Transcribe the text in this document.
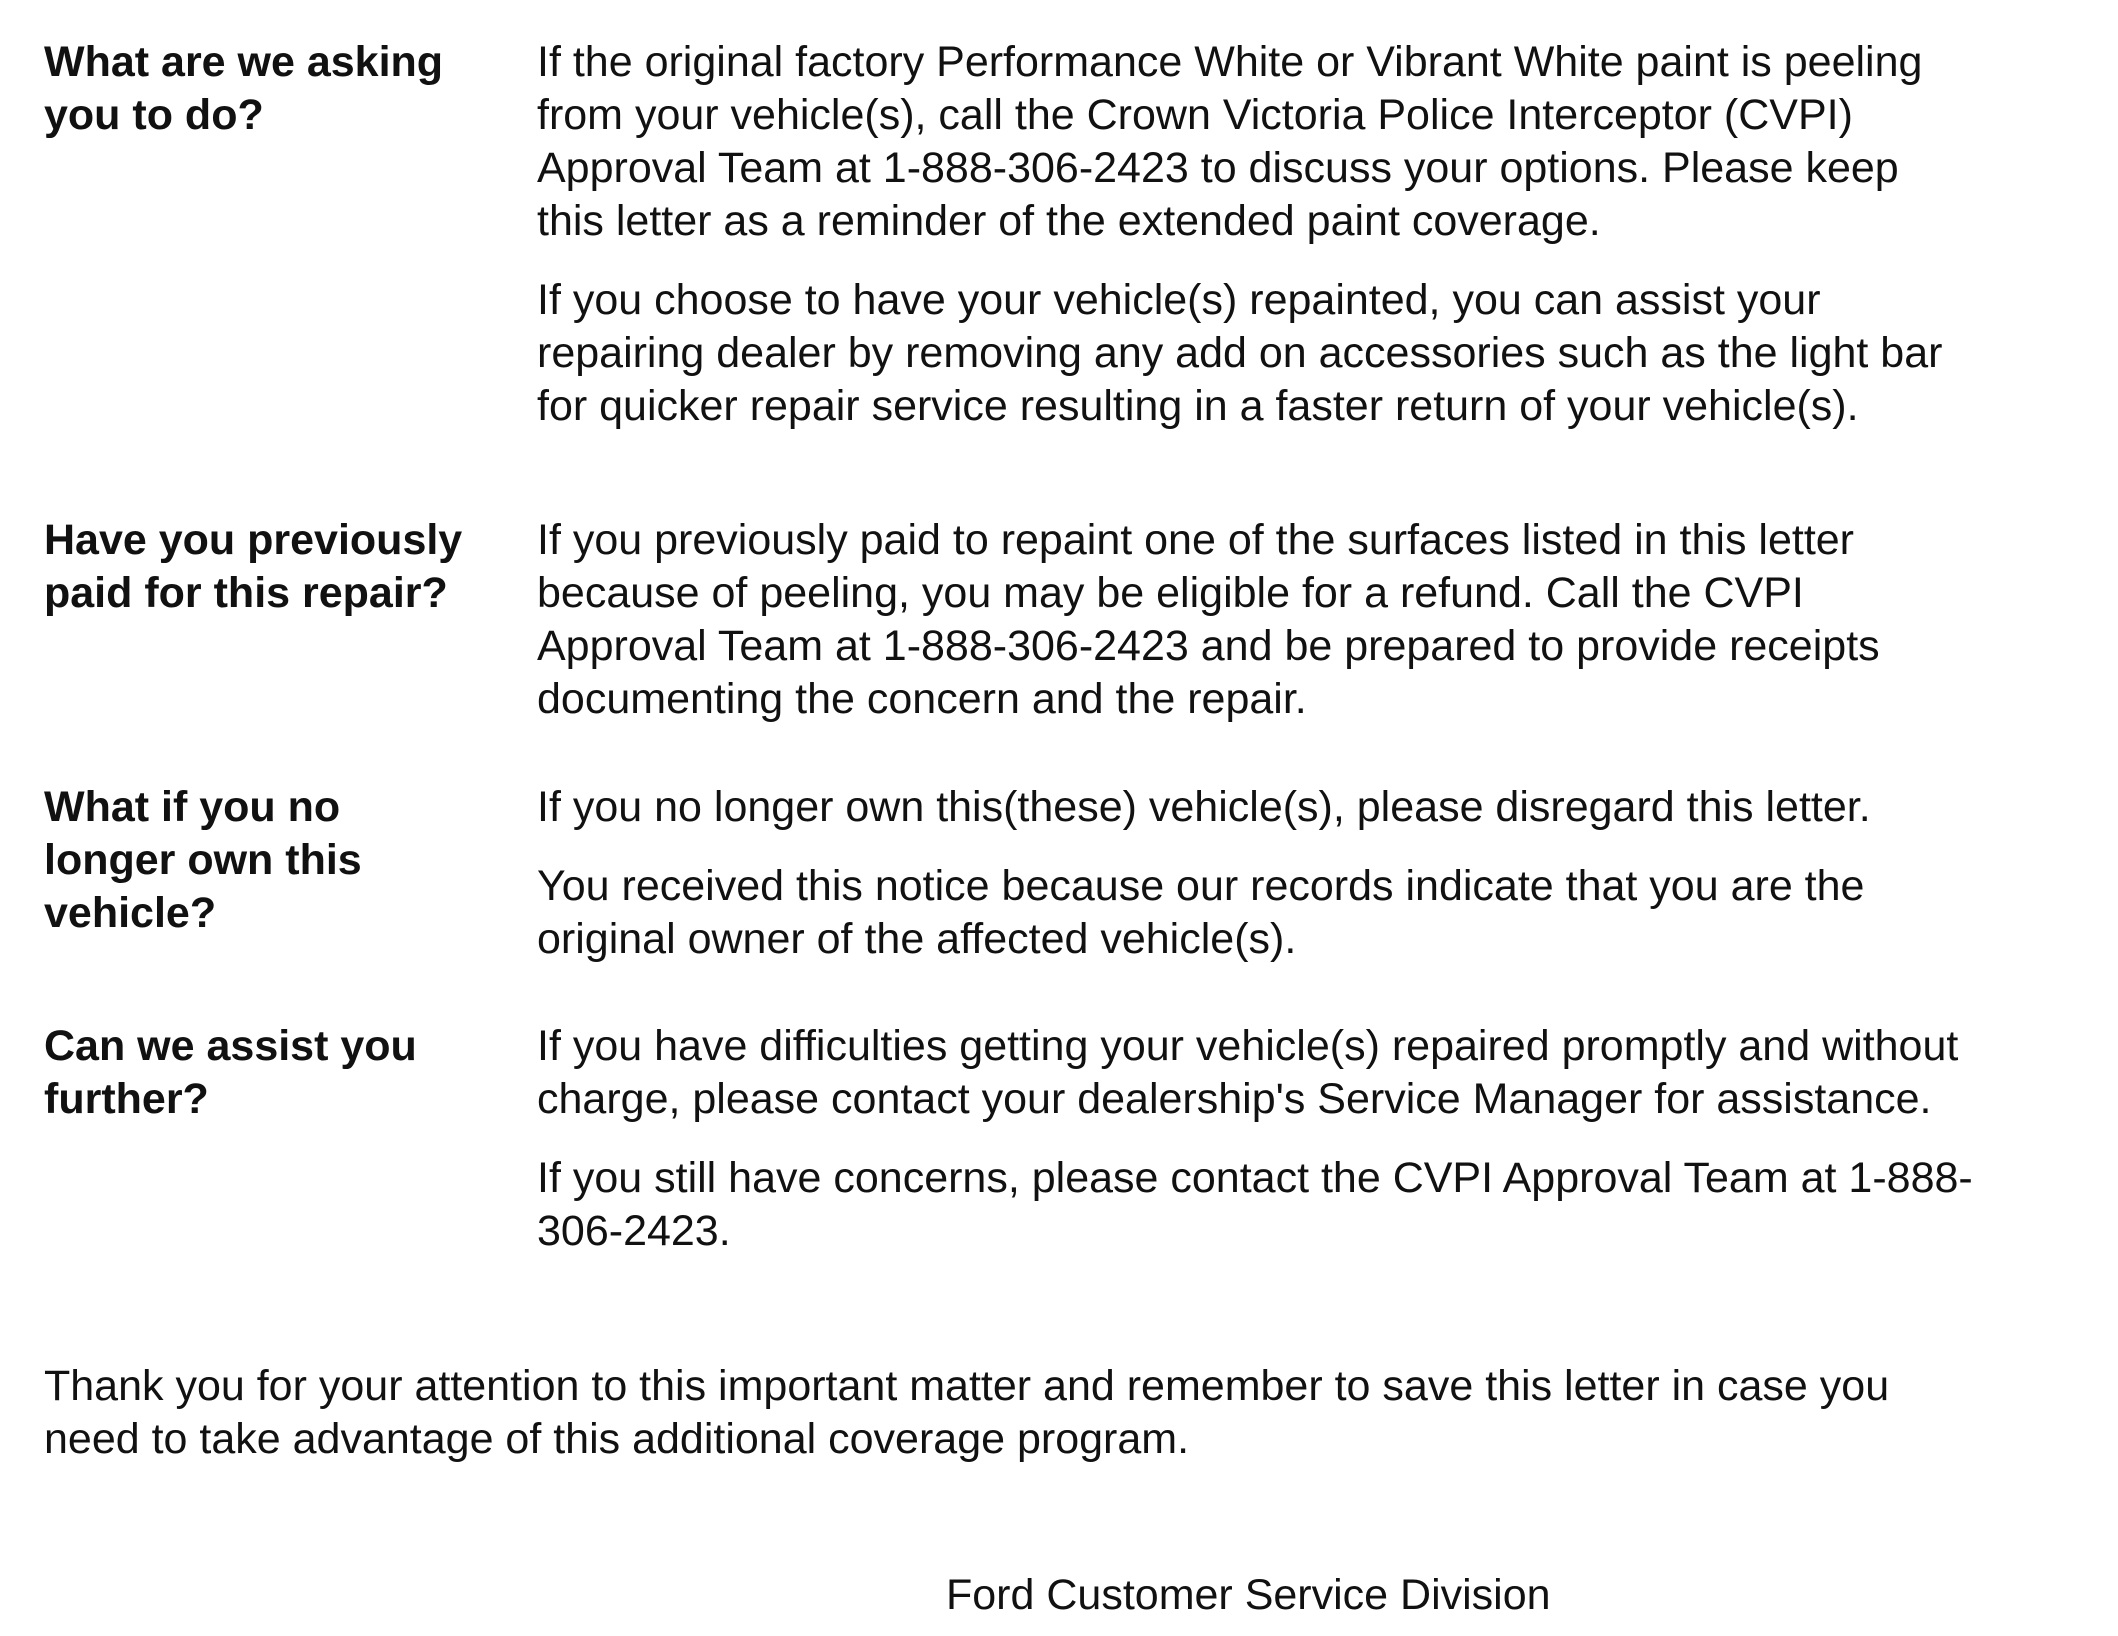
What are we asking
you to do?

If the original factory Performance White or Vibrant White paint is peeling
from your vehicle(s), call the Crown Victoria Police Interceptor (CVPI)
Approval Team at 1-888-306-2423 to discuss your options. Please keep
this letter as a reminder of the extended paint coverage.

If you choose to have your vehicle(s) repainted, you can assist your
repairing dealer by removing any add on accessories such as the light bar
for quicker repair service resulting in a faster return of your vehicle(s).

Have you previously
paid for this repair?

If you previously paid to repaint one of the surfaces listed in this letter
because of peeling, you may be eligible for a refund. Call the CVPI
Approval Team at 1-888-306-2423 and be prepared to provide receipts
documenting the concern and the repair.

What if you no
longer own this
vehicle?

If you no longer own this(these) vehicle(s), please disregard this letter.

You received this notice because our records indicate that you are the
original owner of the affected vehicle(s).

Can we assist you
further?

If you have difficulties getting your vehicle(s) repaired promptly and without
charge, please contact your dealership's Service Manager for assistance.

If you still have concerns, please contact the CVPI Approval Team at 1-888-
306-2423.

Thank you for your attention to this important matter and remember to save this letter in case you
need to take advantage of this additional coverage program.
Ford Customer Service Division
